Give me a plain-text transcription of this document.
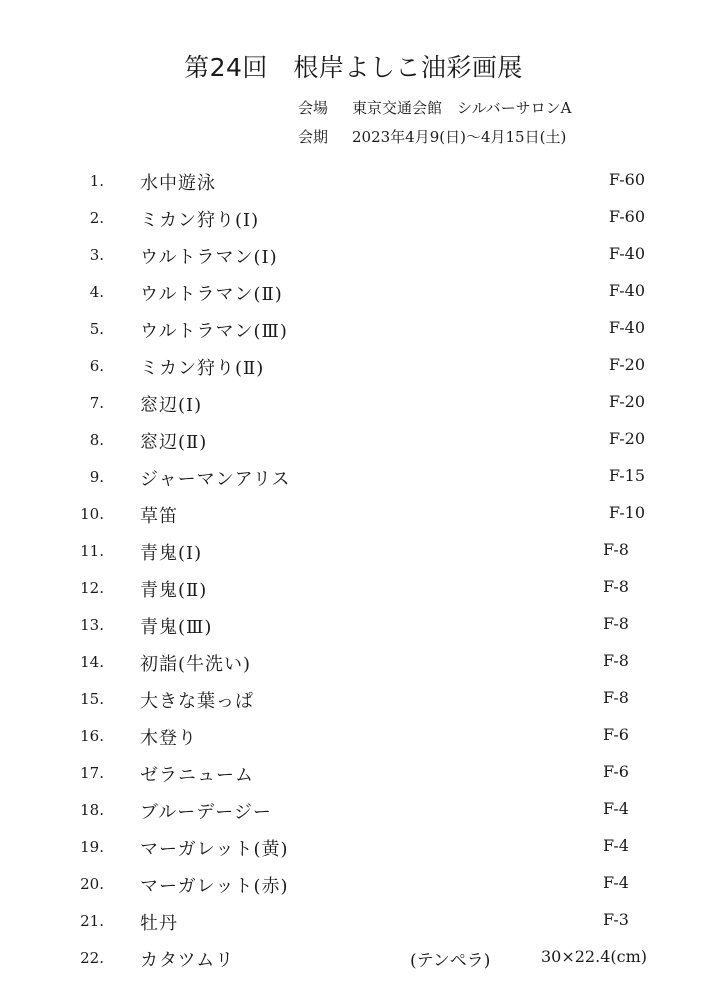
第24回　根岸よしこ油彩画展
会場 東京交通会館　シルバーサロンA
会期 2023年4月9(日)〜4月15日(土)
1. 水中遊泳	F-60
2. ミカン狩り(Ⅰ)	F-60
3. ウルトラマン(Ⅰ)	F-40
4. ウルトラマン(Ⅱ)	F-40
5. ウルトラマン(Ⅲ)	F-40
6. ミカン狩り(Ⅱ)	F-20
7. 窓辺(Ⅰ)	F-20
8. 窓辺(Ⅱ)	F-20
9. ジャーマンアリス	F-15
10. 草笛	F-10
11. 青鬼(Ⅰ)	F-8
12. 青鬼(Ⅱ)	F-8
13. 青鬼(Ⅲ)	F-8
14. 初詣(牛洗い)	F-8
15. 大きな葉っぱ	F-8
16. 木登り	F-6
17. ゼラニューム	F-6
18. ブルーデージー	F-4
19. マーガレット(黄)	F-4
20. マーガレット(赤)	F-4
21. 牡丹	F-3
22. カタツムリ	(テンペラ)	30×22.4(cm)
